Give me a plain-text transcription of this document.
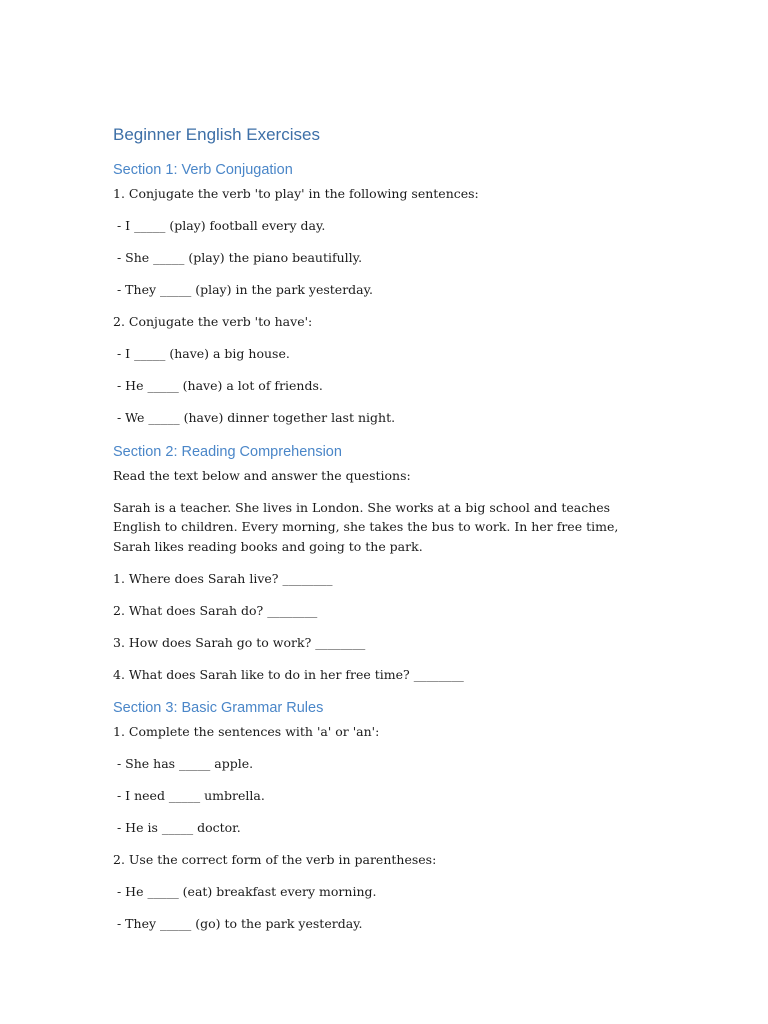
Beginner English Exercises
Section 1: Verb Conjugation

1. Conjugate the verb 'to play' in the following sentences:

- I _____ (play) football every day.

- She _____ (play) the piano beautifully.

- They _____ (play) in the park yesterday.

2. Conjugate the verb 'to have':

- I _____ (have) a big house.

- He _____ (have) a lot of friends.

- We _____ (have) dinner together last night.

Section 2: Reading Comprehension

Read the text below and answer the questions:

Sarah is a teacher. She lives in London. She works at a big school and teaches English to children. Every morning, she takes the bus to work. In her free time, Sarah likes reading books and going to the park.

1. Where does Sarah live? ________

2. What does Sarah do? ________

3. How does Sarah go to work? ________

4. What does Sarah like to do in her free time? ________

Section 3: Basic Grammar Rules

1. Complete the sentences with 'a' or 'an':

- She has _____ apple.

- I need _____ umbrella.

- He is _____ doctor.

2. Use the correct form of the verb in parentheses:

- He _____ (eat) breakfast every morning.

- They _____ (go) to the park yesterday.
